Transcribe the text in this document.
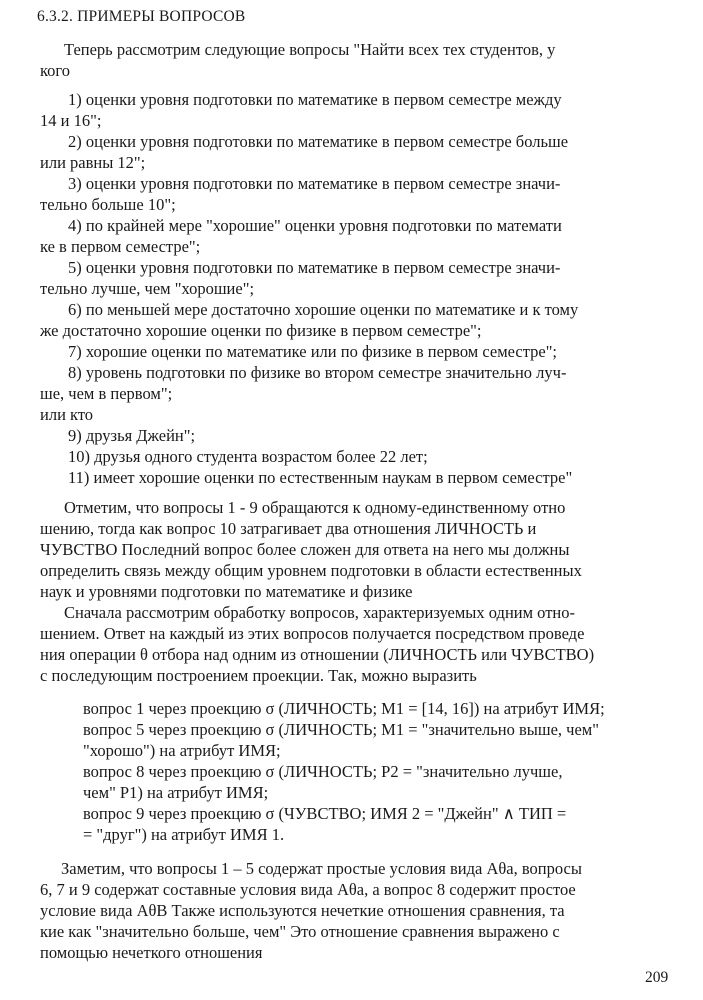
6.3.2. ПРИМЕРЫ ВОПРОСОВ
Теперь рассмотрим следующие вопросы "Найти всех тех студентов, у
кого
1) оценки уровня подготовки по математике в первом семестре между
14 и 16";
2) оценки уровня подготовки по математике в первом семестре больше
или равны 12";
3) оценки уровня подготовки по математике в первом семестре значи-
тельно больше 10";
4) по крайней мере "хорошие" оценки уровня подготовки по математи
ке в первом семестре";
5) оценки уровня подготовки по математике в первом семестре значи-
тельно лучше, чем "хорошие";
6) по меньшей мере достаточно хорошие оценки по математике и к тому
же достаточно хорошие оценки по физике в первом семестре";
7) хорошие оценки по математике или по физике в первом семестре";
8) уровень подготовки по физике во втором семестре значительно луч-
ше, чем в первом";
или кто
9) друзья Джейн";
10) друзья одного студента возрастом более 22 лет;
11) имеет хорошие оценки по естественным наукам в первом семестре"
Отметим, что вопросы 1 - 9 обращаются к одному-единственному отно
шению, тогда как вопрос 10 затрагивает два отношения ЛИЧНОСТЬ и
ЧУВСТВО Последний вопрос более сложен для ответа на него мы должны
определить связь между общим уровнем подготовки в области естественных
наук и уровнями подготовки по математике и физике
Сначала рассмотрим обработку вопросов, характеризуемых одним отно-
шением. Ответ на каждый из этих вопросов получается посредством проведе
ния операции θ отбора над одним из отношении (ЛИЧНОСТЬ или ЧУВСТВО)
с последующим построением проекции. Так, можно выразить
вопрос 1 через проекцию σ (ЛИЧНОСТЬ; M1 = [14, 16]) на атрибут ИМЯ;
вопрос 5 через проекцию σ (ЛИЧНОСТЬ; M1 = "значительно выше, чем"
"хорошо") на атрибут ИМЯ;
вопрос 8 через проекцию σ (ЛИЧНОСТЬ; P2 = "значительно лучше,
чем" P1) на атрибут ИМЯ;
вопрос 9 через проекцию σ (ЧУВСТВО; ИМЯ 2 = "Джейн" ∧ ТИП =
= "друг") на атрибут ИМЯ 1.
Заметим, что вопросы 1 – 5 содержат простые условия вида Aθa, вопросы
6, 7 и 9 содержат составные условия вида Aθa, а вопрос 8 содержит простое
условие вида AθB Также используются нечеткие отношения сравнения, та
кие как "значительно больше, чем" Это отношение сравнения выражено с
помощью нечеткого отношения
209
